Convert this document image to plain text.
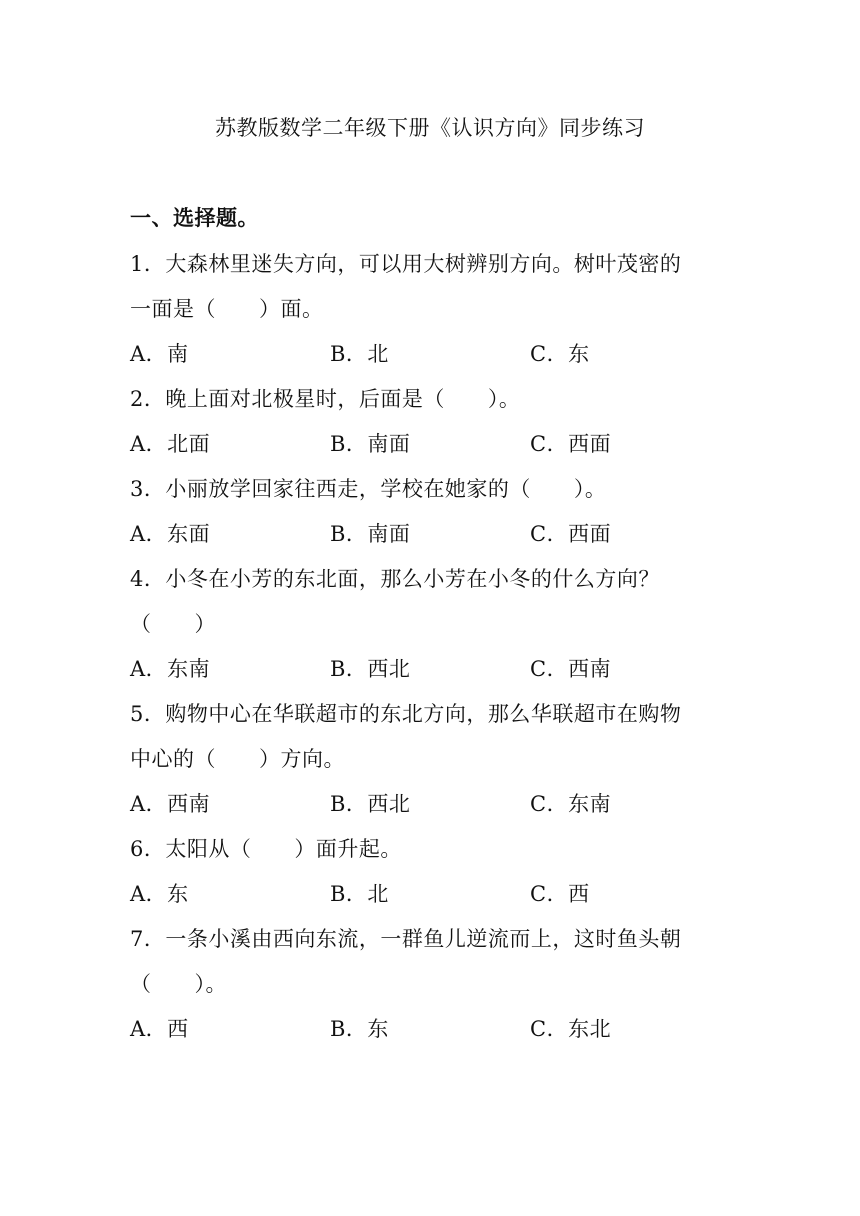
苏教版数学二年级下册《认识方向》同步练习
一、选择题。
1．大森林里迷失方向，可以用大树辨别方向。树叶茂密的
一面是（　　）面。
A．南	B．北	C．东
2．晚上面对北极星时，后面是（　　）。
A．北面	B．南面	C．西面
3．小丽放学回家往西走，学校在她家的（　　）。
A．东面	B．南面	C．西面
4．小冬在小芳的东北面，那么小芳在小冬的什么方向？
（　　）
A．东南	B．西北	C．西南
5．购物中心在华联超市的东北方向，那么华联超市在购物
中心的（　　）方向。
A．西南	B．西北	C．东南
6．太阳从（　　）面升起。
A．东	B．北	C．西
7．一条小溪由西向东流，一群鱼儿逆流而上，这时鱼头朝
（　　）。
A．西	B．东	C．东北
